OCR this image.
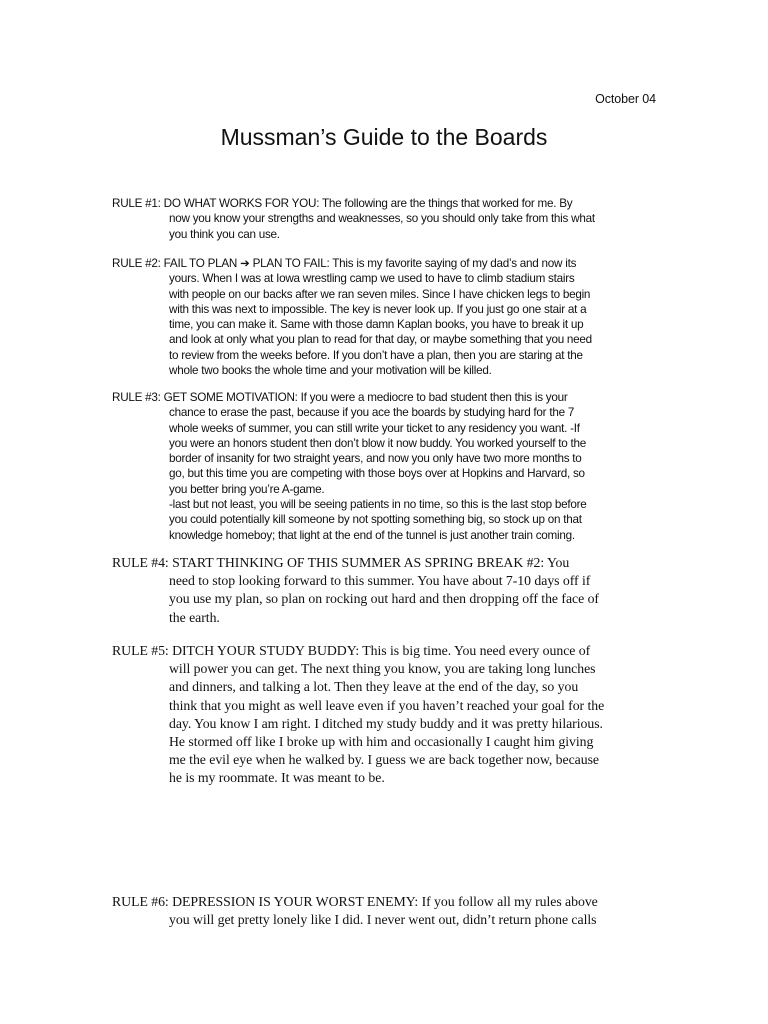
October 04
Mussman’s Guide to the Boards
RULE #1: DO WHAT WORKS FOR YOU: The following are the things that worked for me. By
now you know your strengths and weaknesses, so you should only take from this what
you think you can use.
RULE #2: FAIL TO PLAN ➔ PLAN TO FAIL: This is my favorite saying of my dad’s and now its
yours. When I was at Iowa wrestling camp we used to have to climb stadium stairs
with people on our backs after we ran seven miles. Since I have chicken legs to begin
with this was next to impossible. The key is never look up. If you just go one stair at a
time, you can make it. Same with those damn Kaplan books, you have to break it up
and look at only what you plan to read for that day, or maybe something that you need
to review from the weeks before. If you don’t have a plan, then you are staring at the
whole two books the whole time and your motivation will be killed.
RULE #3: GET SOME MOTIVATION: If you were a mediocre to bad student then this is your
chance to erase the past, because if you ace the boards by studying hard for the 7
whole weeks of summer, you can still write your ticket to any residency you want. -If
you were an honors student then don’t blow it now buddy. You worked yourself to the
border of insanity for two straight years, and now you only have two more months to
go, but this time you are competing with those boys over at Hopkins and Harvard, so
you better bring you’re A-game.
-last but not least, you will be seeing patients in no time, so this is the last stop before
you could potentially kill someone by not spotting something big, so stock up on that
knowledge homeboy; that light at the end of the tunnel is just another train coming.
RULE #4: START THINKING OF THIS SUMMER AS SPRING BREAK #2: You
need to stop looking forward to this summer. You have about 7-10 days off if
you use my plan, so plan on rocking out hard and then dropping off the face of
the earth.
RULE #5: DITCH YOUR STUDY BUDDY: This is big time. You need every ounce of
will power you can get. The next thing you know, you are taking long lunches
and dinners, and talking a lot. Then they leave at the end of the day, so you
think that you might as well leave even if you haven’t reached your goal for the
day. You know I am right. I ditched my study buddy and it was pretty hilarious.
He stormed off like I broke up with him and occasionally I caught him giving
me the evil eye when he walked by. I guess we are back together now, because
he is my roommate. It was meant to be.
RULE #6: DEPRESSION IS YOUR WORST ENEMY: If you follow all my rules above
you will get pretty lonely like I did. I never went out, didn’t return phone calls
